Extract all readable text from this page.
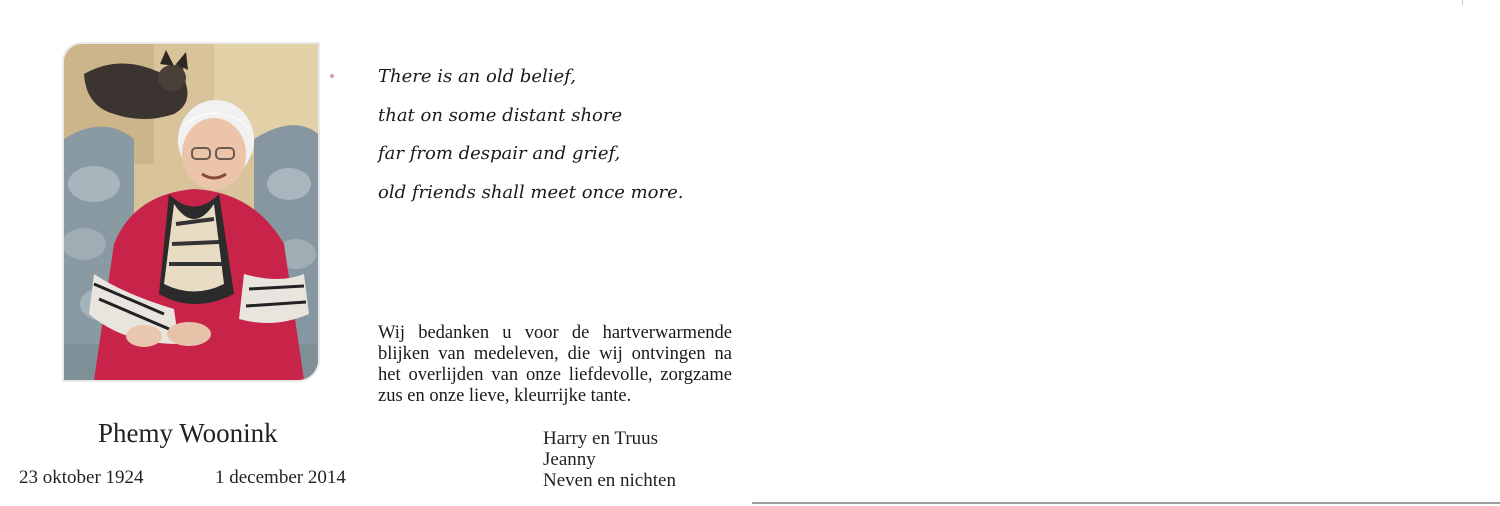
There is an old belief,
that on some distant shore
far from despair and grief,
old friends shall meet once more.
Wij bedanken u voor de hartverwarmende
blijken van medeleven, die wij ontvingen na
het overlijden van onze liefdevolle, zorgzame
zus en onze lieve, kleurrijke tante.
Phemy Woonink
23 oktober 1924	1 december 2014
Harry en Truus
Jeanny
Neven en nichten
